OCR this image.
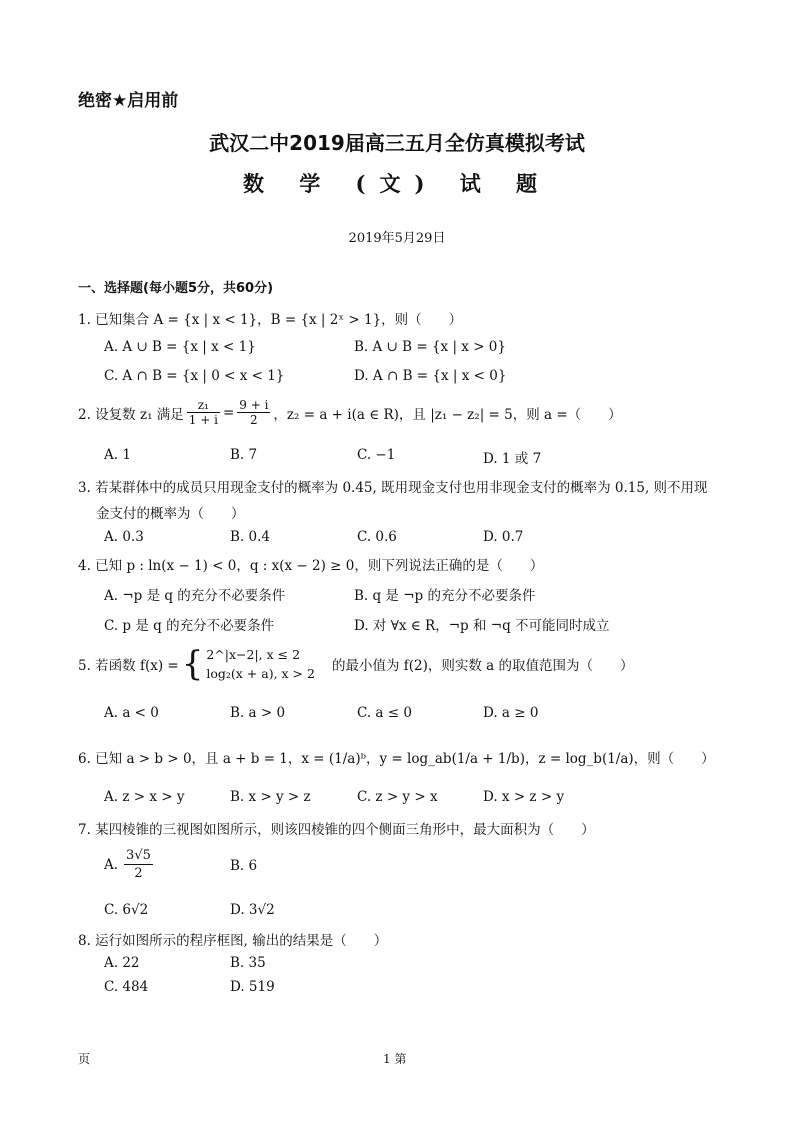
绝密★启用前
武汉二中2019届高三五月全仿真模拟考试
数 学 (文) 试 题
2019年5月29日
一、选择题(每小题5分，共60分)
1. 已知集合 A = {x | x < 1}，B = {x | 2ˣ > 1}，则（　　）
A. A ∪ B = {x | x < 1}	B. A ∪ B = {x | x > 0}
C. A ∩ B = {x | 0 < x < 1}	D. A ∩ B = {x | x < 0}
2. 设复数 z₁ 满足 $\frac{\text{z₁}}{1 + i} = \frac{9 + i}{2}$ ，z₂ = a + i(a ∈ R)，且 |z₁ − z₂| = 5，则 a =（　　）
A. 1	B. 7	C. −1	D. 1 或 7
3. 若某群体中的成员只用现金支付的概率为 0.45, 既用现金支付也用非现金支付的概率为 0.15, 则不用现
金支付的概率为（　　）
A. 0.3	B. 0.4	C. 0.6	D. 0.7
4. 已知 p : ln(x − 1) < 0，q : x(x − 2) ≥ 0，则下列说法正确的是（　　）
A. ¬p 是 q 的充分不必要条件	B. q 是 ¬p 的充分不必要条件
C. p 是 q 的充分不必要条件	D. 对 ∀x ∈ R，¬p 和 ¬q 不可能同时成立
5. 若函数 f(x) = { 2^|x−2|, x ≤ 2
log₂(x + a), x > 2 的最小值为 f(2)，则实数 a 的取值范围为（　　）
A. a < 0	B. a > 0	C. a ≤ 0	D. a ≥ 0
6. 已知 a > b > 0，且 a + b = 1，x = (1/a)ᵇ，y = log_ab(1/a + 1/b)，z = log_b(1/a)，则（　　）
A. z > x > y	B. x > y > z	C. z > y > x	D. x > z > y
7. 某四棱锥的三视图如图所示，则该四棱锥的四个侧面三角形中，最大面积为（　　）
A. $\frac{3√5}{2}$	B. 6
C. 6√2	D. 3√2
8. 运行如图所示的程序框图, 输出的结果是（　　）
A. 22	B. 35
C. 484	D. 519
页	1 第
